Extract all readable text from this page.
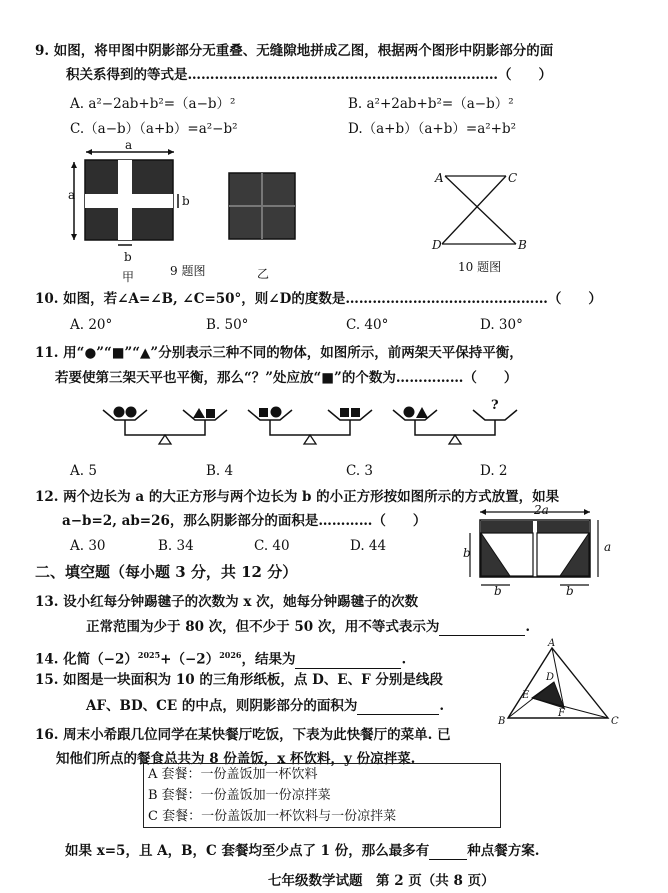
9. 如图，将甲图中阴影部分无重叠、无缝隙地拼成乙图，根据两个图形中阴影部分的面
积关系得到的等式是……………………………………………………………（　　）
A. a²−2ab+b²=（a−b）²	B. a²+2ab+b²=（a−b）²
C.（a−b）（a+b）=a²−b²	D.（a+b）（a+b）=a²+b²
a
a
b
b
甲	9 题图	乙
A	C
D	B
10 题图
10. 如图，若∠A=∠B, ∠C=50°，则∠D的度数是………………………………………（　　）
A. 20°	B. 50°	C. 40°	D. 30°
11. 用“●”“■”“▲”分别表示三种不同的物体，如图所示，前两架天平保持平衡，
若要使第三架天平也平衡，那么“？”处应放“■”的个数为……………（　　）
?
A. 5	B. 4	C. 3	D. 2
12. 两个边长为 a 的大正方形与两个边长为 b 的小正方形按如图所示的方式放置，如果
a−b=2, ab=26，那么阴影部分的面积是…………（　　）
A. 30	B. 34	C. 40	D. 44
2a
b	a
b	b
二、填空题（每小题 3 分，共 12 分）
13. 设小红每分钟踢毽子的次数为 x 次，她每分钟踢毽子的次数
正常范围为少于 80 次，但不少于 50 次，用不等式表示为	.
14. 化简$(-2)^{2025}+(-2)^{2026}$，结果为	.
15. 如图是一块面积为 10 的三角形纸板，点 D、E、F 分别是线段
AF、BD、CE 的中点，则阴影部分的面积为	.
A
B	C
D
E
F
16. 周末小希跟几位同学在某快餐厅吃饭，下表为此快餐厅的菜单. 已
知他们所点的餐食总共为 8 份盖饭，x 杯饮料，y 份凉拌菜.
A 套餐：一份盖饭加一杯饮料
B 套餐：一份盖饭加一份凉拌菜
C 套餐：一份盖饭加一杯饮料与一份凉拌菜
如果 x=5，且 A，B，C 套餐均至少点了 1 份，那么最多有	种点餐方案.
七年级数学试题　第 2 页（共 8 页）
